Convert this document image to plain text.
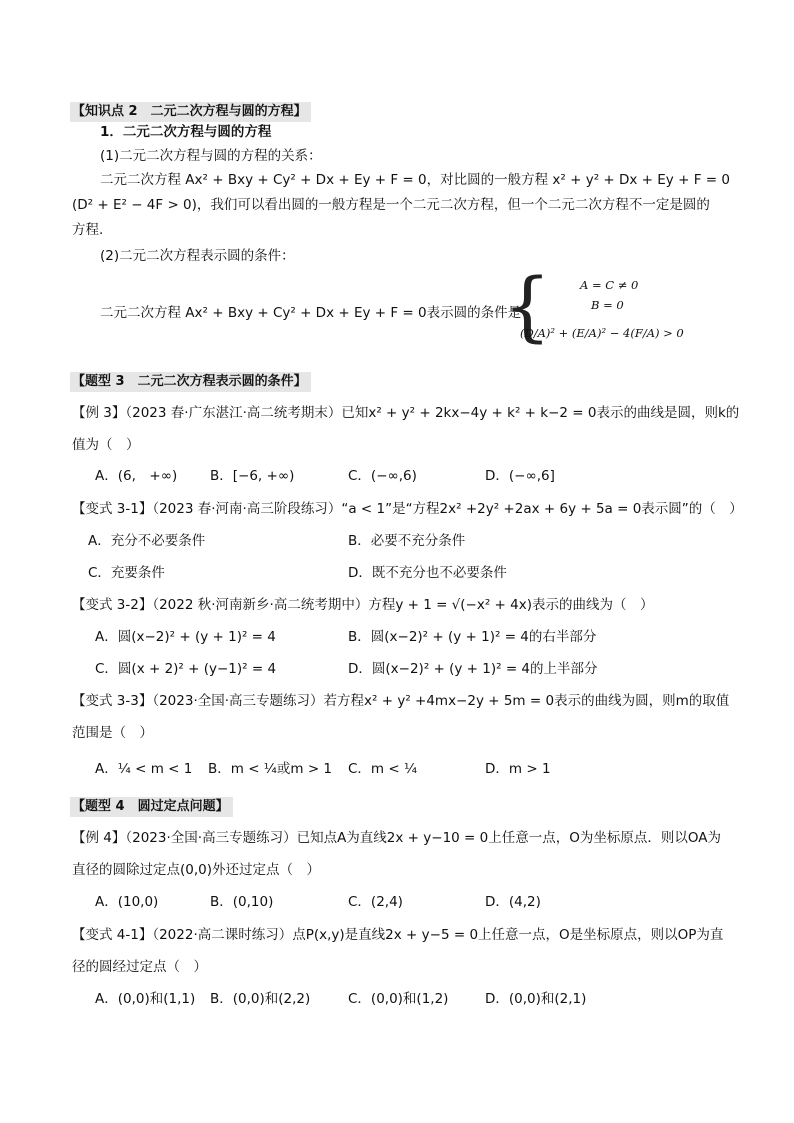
【知识点 2　二元二次方程与圆的方程】
1．二元二次方程与圆的方程
(1)二元二次方程与圆的方程的关系：
二元二次方程 Ax² + Bxy + Cy² + Dx + Ey + F = 0，对比圆的一般方程 x² + y² + Dx + Ey + F = 0
(D² + E² − 4F > 0)，我们可以看出圆的一般方程是一个二元二次方程，但一个二元二次方程不一定是圆的
方程.
(2)二元二次方程表示圆的条件：
二元二次方程 Ax² + Bxy + Cy² + Dx + Ey + F = 0表示圆的条件是
{ A = C ≠ 0
B = 0
(D/A)² + (E/A)² − 4(F/A) > 0
【题型 3　二元二次方程表示圆的条件】
【例 3】（2023 春·广东湛江·高二统考期末）已知x² + y² + 2kx−4y + k² + k−2 = 0表示的曲线是圆，则k的
值为（　）
A．(6,　+∞) B．[−6, +∞)	C．(−∞,6)	D．(−∞,6]
【变式 3-1】（2023 春·河南·高三阶段练习）“a < 1”是“方程2x² +2y² +2ax + 6y + 5a = 0表示圆”的（　）
A．充分不必要条件	B．必要不充分条件
C．充要条件	D．既不充分也不必要条件
【变式 3-2】（2022 秋·河南新乡·高二统考期中）方程y + 1 = √(−x² + 4x)表示的曲线为（　）
A．圆(x−2)² + (y + 1)² = 4	B．圆(x−2)² + (y + 1)² = 4的右半部分
C．圆(x + 2)² + (y−1)² = 4	D．圆(x−2)² + (y + 1)² = 4的上半部分
【变式 3-3】（2023·全国·高三专题练习）若方程x² + y² +4mx−2y + 5m = 0表示的曲线为圆，则m的取值
范围是（　）
A．¼ < m < 1 B．m < ¼或m > 1 C．m < ¼	D．m > 1
【题型 4　圆过定点问题】
【例 4】（2023·全国·高三专题练习）已知点A为直线2x + y−10 = 0上任意一点，O为坐标原点．则以OA为
直径的圆除过定点(0,0)外还过定点（　）
A．(10,0)	B．(0,10)	C．(2,4)	D．(4,2)
【变式 4-1】（2022·高二课时练习）点P(x,y)是直线2x + y−5 = 0上任意一点，O是坐标原点，则以OP为直
径的圆经过定点（　）
A．(0,0)和(1,1) B．(0,0)和(2,2)	C．(0,0)和(1,2)	D．(0,0)和(2,1)
